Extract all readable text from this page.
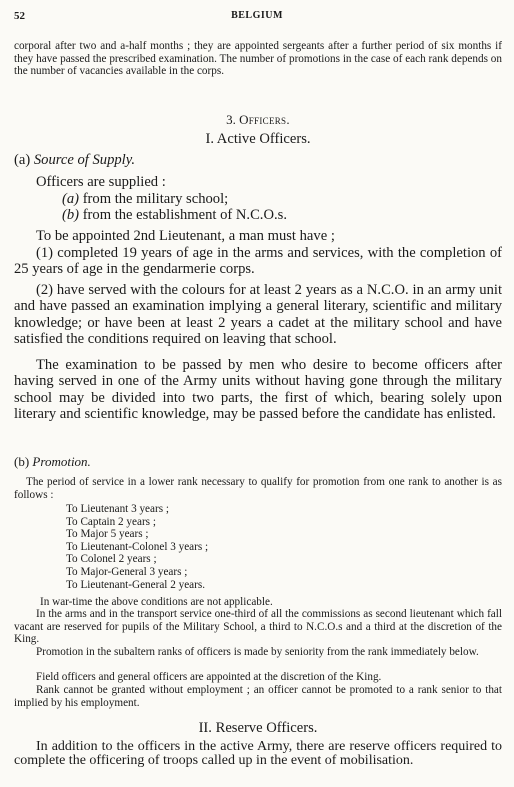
52	BELGIUM

corporal after two and a-half months ; they are appointed sergeants after a further period of six months if they have passed the prescribed examination. The number of promotions in the case of each rank depends on the number of vacancies available in the corps.

3. Officers.
I. Active Officers.
(a) Source of Supply.
Officers are supplied :
(a) from the military school;
(b) from the establishment of N.C.O.s.
To be appointed 2nd Lieutenant, a man must have ;

(1) completed 19 years of age in the arms and services, with the completion of 25 years of age in the gendarmerie corps.

(2) have served with the colours for at least 2 years as a N.C.O. in an army unit and have passed an examination implying a general literary, scientific and military knowledge; or have been at least 2 years a cadet at the military school and have satisfied the conditions required on leaving that school.

The examination to be passed by men who desire to become officers after having served in one of the Army units without having gone through the military school may be divided into two parts, the first of which, bearing solely upon literary and scientific knowledge, may be passed before the candidate has enlisted.

(b) Promotion.

The period of service in a lower rank necessary to qualify for promotion from one rank to another is as follows :

To Lieutenant 3 years ;
To Captain 2 years ;
To Major 5 years ;
To Lieutenant-Colonel 3 years ;
To Colonel 2 years ;
To Major-General 3 years ;
To Lieutenant-General 2 years.

In war-time the above conditions are not applicable.

In the arms and in the transport service one-third of all the commissions as second lieutenant which fall vacant are reserved for pupils of the Military School, a third to N.C.O.s and a third at the discretion of the King.

Promotion in the subaltern ranks of officers is made by seniority from the rank immediately below.

Field officers and general officers are appointed at the discretion of the King.

Rank cannot be granted without employment ; an officer cannot be promoted to a rank senior to that implied by his employment.

II. Reserve Officers.

In addition to the officers in the active Army, there are reserve officers required to complete the officering of troops called up in the event of mobilisation.
